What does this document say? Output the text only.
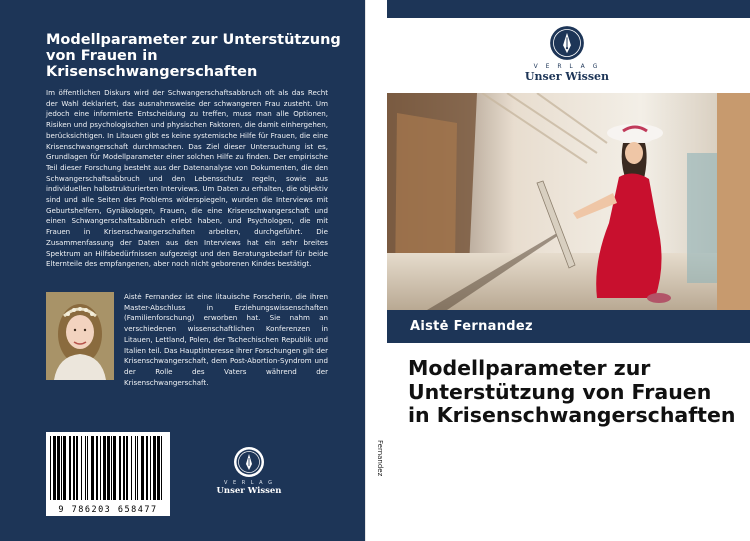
Modellparameter zur Unterstützung von Frauen in Krisenschwangerschaften
Im öffentlichen Diskurs wird der Schwangerschaftsabbruch oft als das Recht der Wahl deklariert, das ausnahmsweise der schwangeren Frau zusteht. Um jedoch eine informierte Entscheidung zu treffen, muss man alle Optionen, Risiken und psychologischen und physischen Faktoren, die damit einhergehen, berücksichtigen. In Litauen gibt es keine systemische Hilfe für Frauen, die eine Krisenschwangerschaft durchmachen. Das Ziel dieser Untersuchung ist es, Grundlagen für Modellparameter einer solchen Hilfe zu finden. Der empirische Teil dieser Forschung besteht aus der Datenanalyse von Dokumenten, die den Schwangerschaftsabbruch und den Lebensschutz regeln, sowie aus individuellen halbstrukturierten Interviews. Um Daten zu erhalten, die objektiv sind und alle Seiten des Problems widerspiegeln, wurden die Interviews mit Geburtshelfern, Gynäkologen, Frauen, die eine Krisenschwangerschaft und einen Schwangerschaftsabbruch erlebt haben, und Psychologen, die mit Frauen in Krisenschwangerschaften arbeiten, durchgeführt. Die Zusammenfassung der Daten aus den Interviews hat ein sehr breites Spektrum an Hilfsbedürfnissen aufgezeigt und den Beratungsbedarf für beide Elternteile des empfangenen, aber noch nicht geborenen Kindes bestätigt.
Aistė Fernandez ist eine litauische Forscherin, die ihren Master-Abschluss in Erziehungswissenschaften (Familienforschung) erworben hat. Sie nahm an verschiedenen wissenschaftlichen Konferenzen in Litauen, Lettland, Polen, der Tschechischen Republik und Italien teil. Das Hauptinteresse ihrer Forschungen gilt der Krisenschwangerschaft, dem Post-Abortion-Syndrom und der Rolle des Vaters während der Krisenschwangerschaft.
9 786203 658477
V E R L A G
Unser Wissen
Fernandez
V E R L A G
Unser Wissen
Aistė Fernandez
Modellparameter zur Unterstützung von Frauen in Krisenschwangerschaften
